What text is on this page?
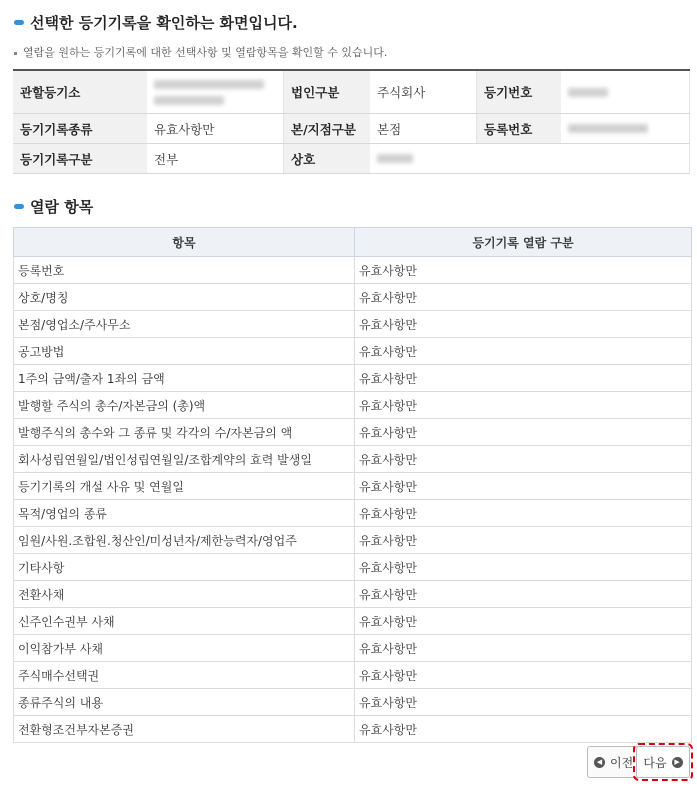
선택한 등기기록을 확인하는 화면입니다.
열람을 원하는 등기기록에 대한 선택사항 및 열람항목을 확인할 수 있습니다.
관할등기소		법인구분	주식회사	등기번호	
등기기록종류	유효사항만	본/지점구분	본점	등록번호	
등기기록구분	전부	상호			
열람 항목
항목	등기기록 열람 구분
등록번호	유효사항만
상호/명칭	유효사항만
본점/영업소/주사무소	유효사항만
공고방법	유효사항만
1주의 금액/출자 1좌의 금액	유효사항만
발행할 주식의 총수/자본금의 (총)액	유효사항만
발행주식의 총수와 그 종류 및 각각의 수/자본금의 액	유효사항만
회사성립연월일/법인성립연월일/조합계약의 효력 발생일	유효사항만
등기기록의 개설 사유 및 연월일	유효사항만
목적/영업의 종류	유효사항만
임원/사원.조합원.청산인/미성년자/제한능력자/영업주	유효사항만
기타사항	유효사항만
전환사채	유효사항만
신주인수권부 사채	유효사항만
이익참가부 사채	유효사항만
주식매수선택권	유효사항만
종류주식의 내용	유효사항만
전환형조건부자본증권	유효사항만
◀ 이전 다음	▶
